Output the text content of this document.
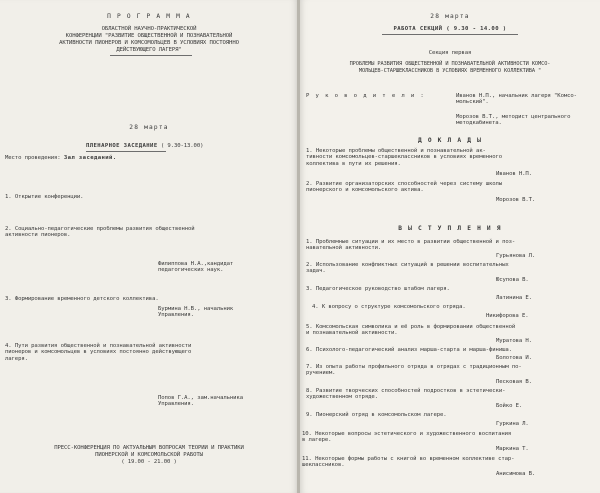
П Р О Г Р А М М А
ОБЛАСТНОЙ НАУЧНО-ПРАКТИЧЕСКОЙ
КОНФЕРЕНЦИИ "РАЗВИТИЕ ОБЩЕСТВЕННОЙ И ПОЗНАВАТЕЛЬНОЙ
АКТИВНОСТИ ПИОНЕРОВ И КОМСОМОЛЬЦЕВ В УСЛОВИЯХ ПОСТОЯННО
ДЕЙСТВУЮЩЕГО ЛАГЕРЯ"
28 марта
ПЛЕНАРНОЕ ЗАСЕДАНИЕ ( 9.30-13.00)
Место проведения: Зал заседаний.
1. Открытие конференции.
2. Социально-педагогические проблемы развития общественной
активности пионеров.
Филиппова Н.А.,кандидат
педагогических наук.
3. Формирование временного детского коллектива.
Бурмина Н.В., начальник
Управления.
4. Пути развития общественной и познавательной активности
пионеров и комсомольцев в условиях постоянно действующего
лагеря.
Попов Г.А., зам.начальника
Управления.
ПРЕСС-КОНФЕРЕНЦИЯ ПО АКТУАЛЬНЫМ ВОПРОСАМ ТЕОРИИ И ПРАКТИКИ
ПИОНЕРСКОЙ И КОМСОМОЛЬСКОЙ РАБОТЫ
( 19.00 - 21.00 )
28 марта
РАБОТА СЕКЦИЙ ( 9.30 - 14.00 )
Секция первая
ПРОБЛЕМЫ РАЗВИТИЯ ОБЩЕСТВЕННОЙ И ПОЗНАВАТЕЛЬНОЙ АКТИВНОСТИ КОМСО-
МОЛЬЦЕВ-СТАРШЕКЛАССНИКОВ В УСЛОВИЯХ ВРЕМЕННОГО КОЛЛЕКТИВА "
Р у к о в о д и т е л и :	Иванов Н.П., начальник лагеря "Комсо-
мольский".
Морозов В.Т., методист центрального
методкабинета.
Д О К Л А Д Ы
1. Некоторые проблемы общественной и познавательной ак-
тивности комсомольцев-старшеклассников в условиях временного
коллектива в пути их решения.
Иванов Н.П.
2. Развитие организаторских способностей через систему школы
пионерского и комсомольского актива.
Морозов В.Т.
В Ы С Т У П Л Е Н И Я
1. Проблемные ситуации и их место в развитии общественной и поз-
навательной активности.
Гурьянова Л.
2. Использование конфликтных ситуаций в решении воспитательных
задач.
Юсупова В.
3. Педагогическое руководство штабом лагеря.
Латинина Е.
4. К вопросу о структуре комсомольского отряда.
Никифорова Е.
5. Комсомольская символика и её роль в формировании общественной
и познавательной активности.
Муратова Н.
6. Психолого-педагогический анализ марша-старта и марша-финиша.
Болотова И.
7. Из опыта работы профильного отряда в отрядах с традиционным по-
ручением.
Песковая В.
8. Развитие творческих способностей подростков в эстетически-
художественном отряде.
Бойко Е.
9. Пионерский отряд в комсомольском лагере.
Гуркина Л.
10. Некоторые вопросы эстетического и художественного воспитания
в лагере.
Маркина Т.
11. Некоторые формы работы с книгой во временном коллективе стар-
шеклассников.
Анисимова В.
